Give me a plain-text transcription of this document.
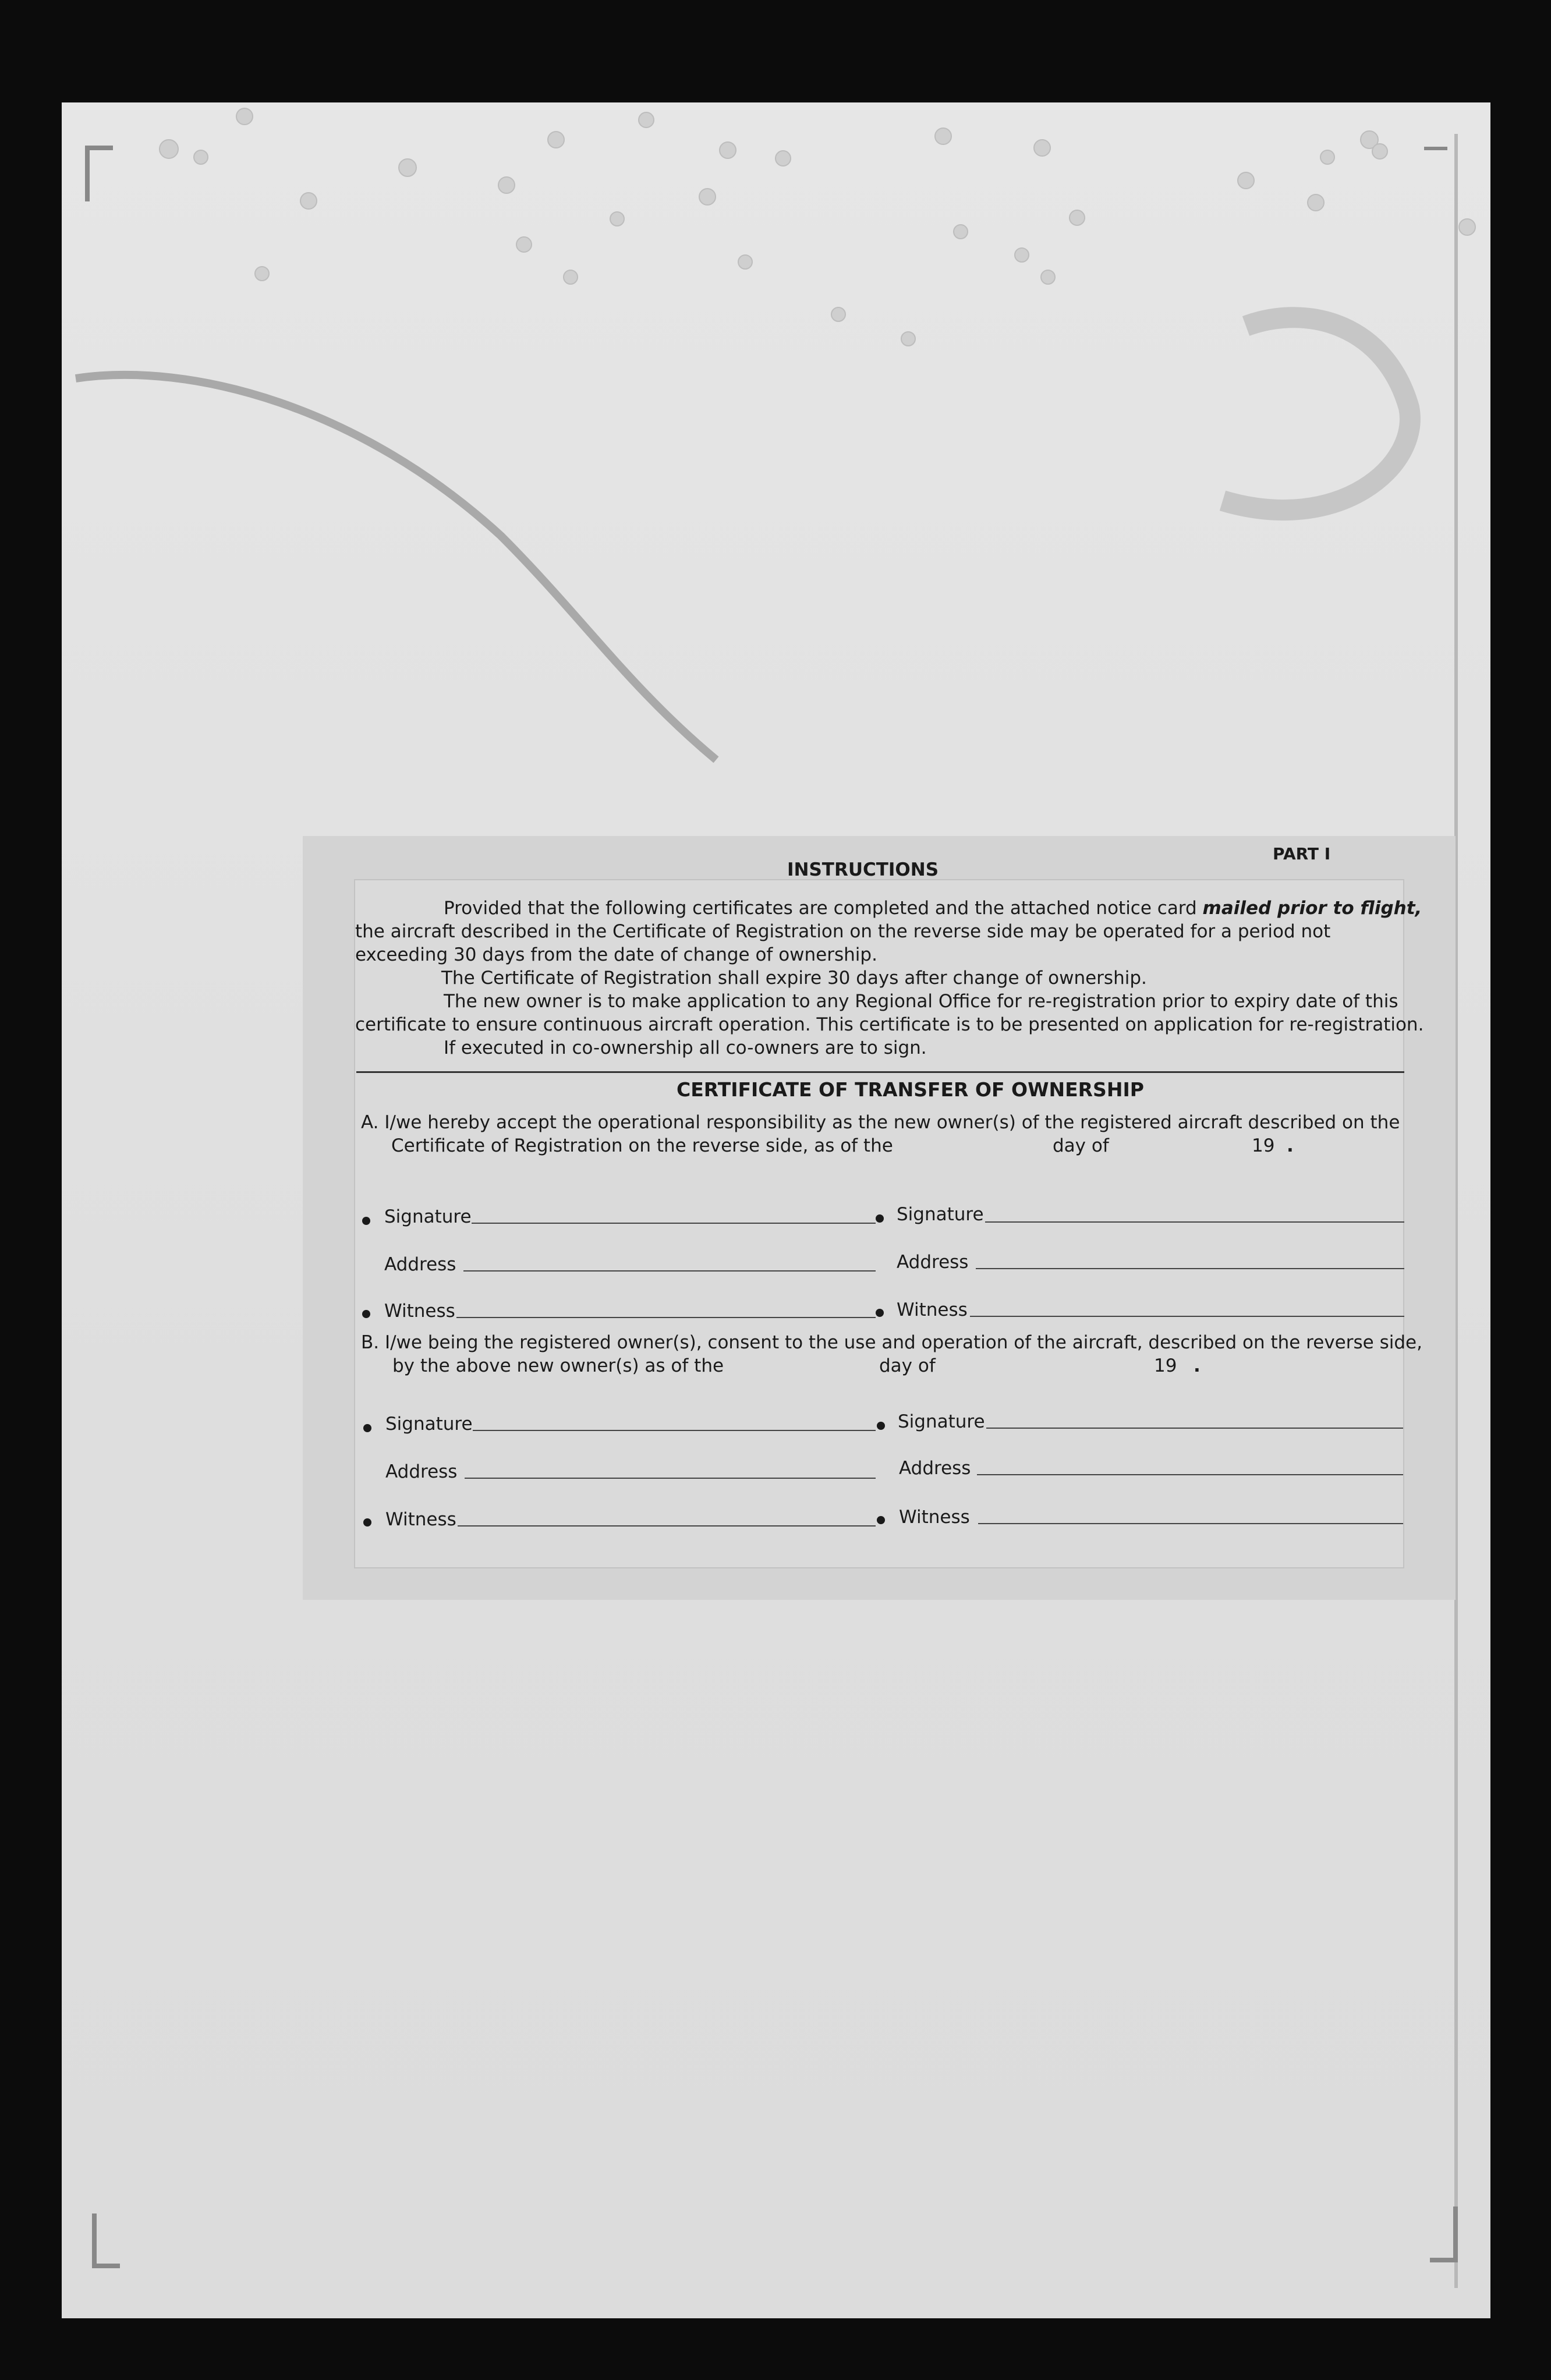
INSTRUCTIONS
PART I
Provided that the following certificates are completed and the attached notice card mailed prior to flight,
the aircraft described in the Certificate of Registration on the reverse side may be operated for a period not
exceeding 30 days from the date of change of ownership.
The Certificate of Registration shall expire 30 days after change of ownership.
The new owner is to make application to any Regional Office for re-registration prior to expiry date of this
certificate to ensure continuous aircraft operation. This certificate is to be presented on application for re-registration.
If executed in co-ownership all co-owners are to sign.
CERTIFICATE OF TRANSFER OF OWNERSHIP
A. I/we hereby accept the operational responsibility as the new owner(s) of the registered aircraft described on the
Certificate of Registration on the reverse side, as of the	day of	19 .
Signature	Signature
Address	Address
Witness	Witness
B. I/we being the registered owner(s), consent to the use and operation of the aircraft, described on the reverse side,
by the above new owner(s) as of the	day of	19 .
Signature	Signature
Address	Address
Witness	Witness
